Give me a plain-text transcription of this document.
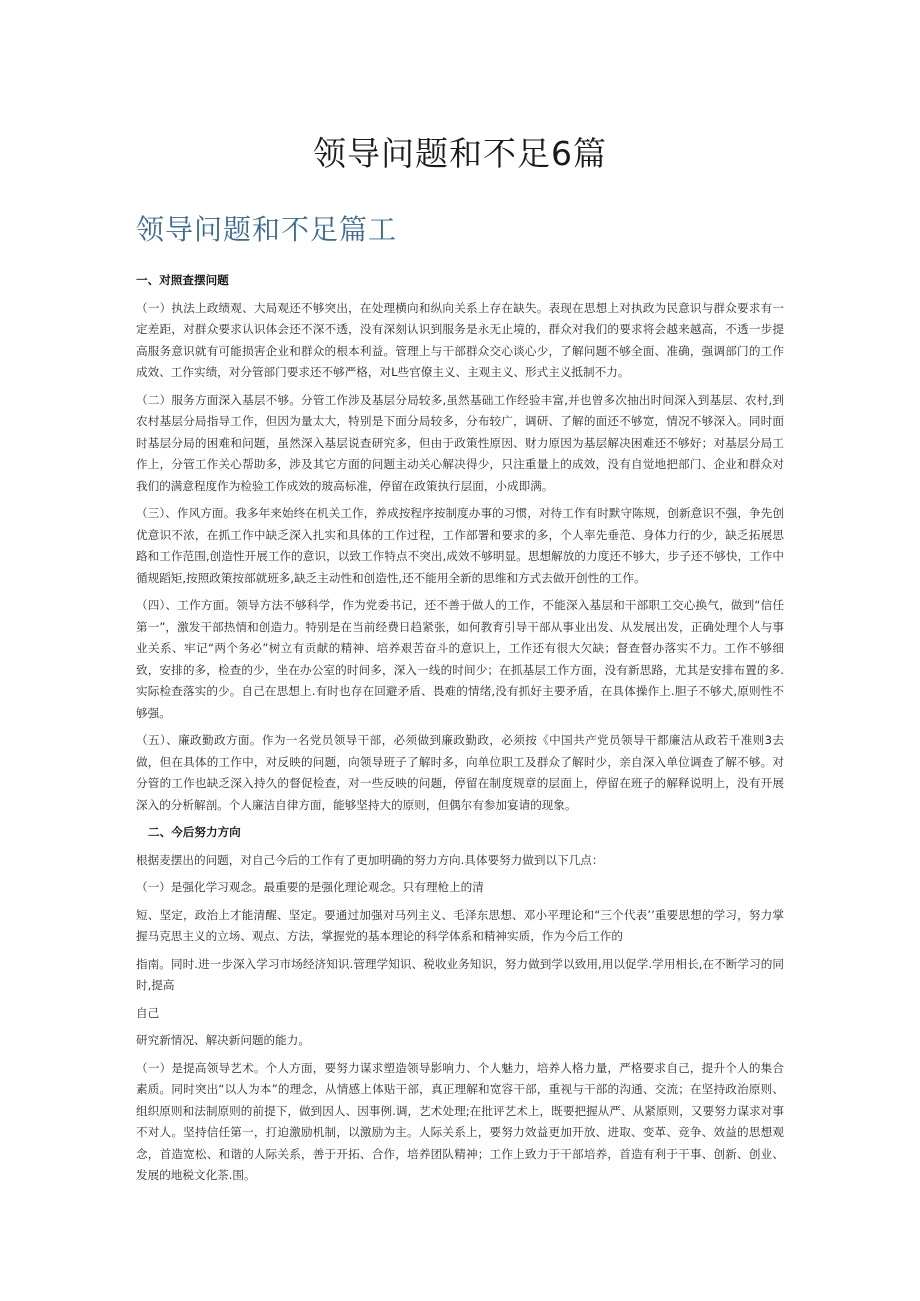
领导问题和不足6篇
领导问题和不足篇工

一、对照查摆问题

（一）执法上政绩观、大局观还不够突出，在处理横向和纵向关系上存在缺失。表现在思想上对执政为民意识与群众要求有一定差距，对群众要求认识体会还不深不透，没有深刻认识到服务是永无止境的，群众对我们的要求将会越来越高，不透一步提高服务意识就有可能损害企业和群众的根本利益。管理上与干部群众交心谈心少，了解问题不够全面、准确，强调部门的工作成效、工作实绩，对分管部门要求还不够严格，对L些官僚主义、主观主义、形式主义抵制不力。

（二）服务方面深入基层不够。分管工作涉及基层分局较多,虽然基础工作经验丰富,并也曾多次抽出时间深入到基层、农村,到农村基层分局指导工作，但因为量太大，特别是下面分局较多，分布较广，调研、了解的面还不够宽，情况不够深入。同时面时基层分局的困难和问题，虽然深入基层说查研究多，但由于政策性原因、财力原因为基层解决困难还不够好；对基层分局工作上，分管工作关心帮助多，涉及其它方面的问题主动关心解决得少，只注重量上的成效，没有自觉地把部门、企业和群众对我们的满意程度作为检验工作成效的玻高标准，停留在政策执行层面，小成即满。

（三）、作风方面。我多年来始终在机关工作，养成按程序按制度办事的习惯，对待工作有时默守陈规，创新意识不强，争先创优意识不浓，在抓工作中缺乏深入扎实和具体的工作过程，工作部署和要求的多，个人率先垂范、身体力行的少，缺乏拓展思路和工作范围,创造性开展工作的意识，以致工作特点不突出,成效不够明显。思想解放的力度还不够大，步子还不够快，工作中循规蹈矩,按照政策按部就班多,缺乏主动性和创造性,还不能用全新的思维和方式去做开创性的工作。

（四）、工作方面。领导方法不够科学，作为党委书记，还不善于做人的工作，不能深入基层和干部职工交心换气，做到“信任第一”，激发干部热情和创造力。特别是在当前经费日趋紧张，如何教育引导干部从事业出发、从发展出发，正确处理个人与事业关系、牢记“两个务必”树立有贡献的精神、培养艰苦奋斗的意识上，工作还有很大欠缺；督查督办落实不力。工作不够细致，安排的多，检查的少，坐在办公室的时间多，深入一线的时间少；在抓基层工作方面，没有新思路，尤其是安排布置的多.实际检查落实的少。自己在思想上.有时也存在回避矛盾、畏难的情绪,没有抓好主要矛盾，在具体操作上.胆子不够犬,原则性不够强。

（五）、廉政勤政方面。作为一名党员领导干部，必须做到廉政勤政，必须按《中国共产党员领导干都廉洁从政若千准则3去做，但在具体的工作中，对反映的问题，向领导班子了解时多，向单位职工及群众了解时少，亲自深入单位调查了解不够。对分管的工作也缺乏深入持久的督促检查，对一些反映的问题，停留在制度规章的层面上，停留在班子的解释说明上，没有开展深入的分析解剖。个人廉洁自律方面，能够坚持大的原则，但偶尔有参加宴请的现象。

二、今后努力方向

根据麦摆出的问题，对自己今后的工作有了更加明确的努力方向.具体要努力做到以下几点：

（一）是强化学习观念。最重要的是强化理论观念。只有理枪上的清

短、坚定，政治上才能清醒、坚定。要通过加强对马列主义、毛泽东思想、邓小平理论和“三个代表’’重要思想的学习，努力掌握马克思主义的立场、观点、方法，掌握党的基本理论的科学体系和精神实质，作为今后工作的

指南。同时.进一步深入学习市场经济知识.管理学知识、税收业务知识，努力做到学以致用,用以促学.学用相长,在不断学习的同时,提高

自己

研究新情况、解决新问题的能力。

（一）是提高领导艺术。个人方面，要努力谋求塑造领导影响力、个人魅力，培养人格力量，严格要求自己，提升个人的集合素质。同时突出“以人为本”的理念，从情感上体贴干部，真正理解和宽容干部，重视与干部的沟通、交流；在坚持政治原则、组织原则和法制原则的前提下，做到因人、因事例.调，艺术处理;在批评艺术上，既要把握从严、从紧原则，又要努力谋求对事不对人。坚持信任第一，打迫激励机制，以激励为主。人际关系上，要努力效益更加开放、进取、变革、竞争、效益的思想观念，首造宽松、和谐的人际关系，善于开拓、合作，培养团队精神；工作上致力于干部培养，首造有利于干事、创新、创业、发展的地税文化茶.围。
